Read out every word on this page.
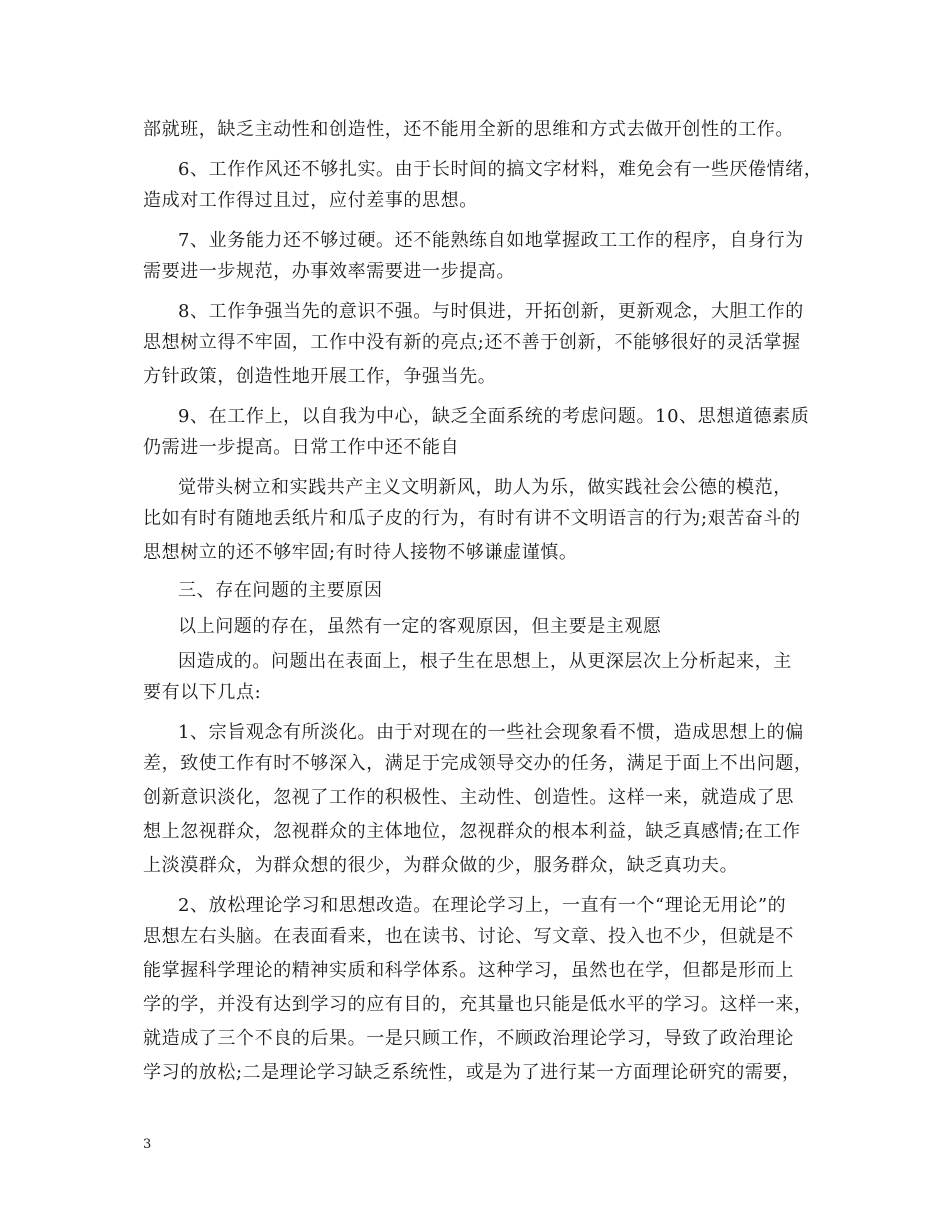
部就班，缺乏主动性和创造性，还不能用全新的思维和方式去做开创性的工作。
6、工作作风还不够扎实。由于长时间的搞文字材料，难免会有一些厌倦情绪，
造成对工作得过且过，应付差事的思想。
7、业务能力还不够过硬。还不能熟练自如地掌握政工工作的程序，自身行为
需要进一步规范，办事效率需要进一步提高。
8、工作争强当先的意识不强。与时俱进，开拓创新，更新观念，大胆工作的
思想树立得不牢固，工作中没有新的亮点;还不善于创新，不能够很好的灵活掌握
方针政策，创造性地开展工作，争强当先。
9、在工作上，以自我为中心，缺乏全面系统的考虑问题。10、思想道德素质
仍需进一步提高。日常工作中还不能自
觉带头树立和实践共产主义文明新风，助人为乐，做实践社会公德的模范，
比如有时有随地丢纸片和瓜子皮的行为，有时有讲不文明语言的行为;艰苦奋斗的
思想树立的还不够牢固;有时待人接物不够谦虚谨慎。
三、存在问题的主要原因
以上问题的存在，虽然有一定的客观原因，但主要是主观愿
因造成的。问题出在表面上，根子生在思想上，从更深层次上分析起来，主
要有以下几点:
1、宗旨观念有所淡化。由于对现在的一些社会现象看不惯，造成思想上的偏
差，致使工作有时不够深入，满足于完成领导交办的任务，满足于面上不出问题，
创新意识淡化，忽视了工作的积极性、主动性、创造性。这样一来，就造成了思
想上忽视群众，忽视群众的主体地位，忽视群众的根本利益，缺乏真感情;在工作
上淡漠群众，为群众想的很少，为群众做的少，服务群众，缺乏真功夫。
2、放松理论学习和思想改造。在理论学习上，一直有一个“理论无用论”的
思想左右头脑。在表面看来，也在读书、讨论、写文章、投入也不少，但就是不
能掌握科学理论的精神实质和科学体系。这种学习，虽然也在学，但都是形而上
学的学，并没有达到学习的应有目的，充其量也只能是低水平的学习。这样一来，
就造成了三个不良的后果。一是只顾工作，不顾政治理论学习，导致了政治理论
学习的放松;二是理论学习缺乏系统性，或是为了进行某一方面理论研究的需要，
3
